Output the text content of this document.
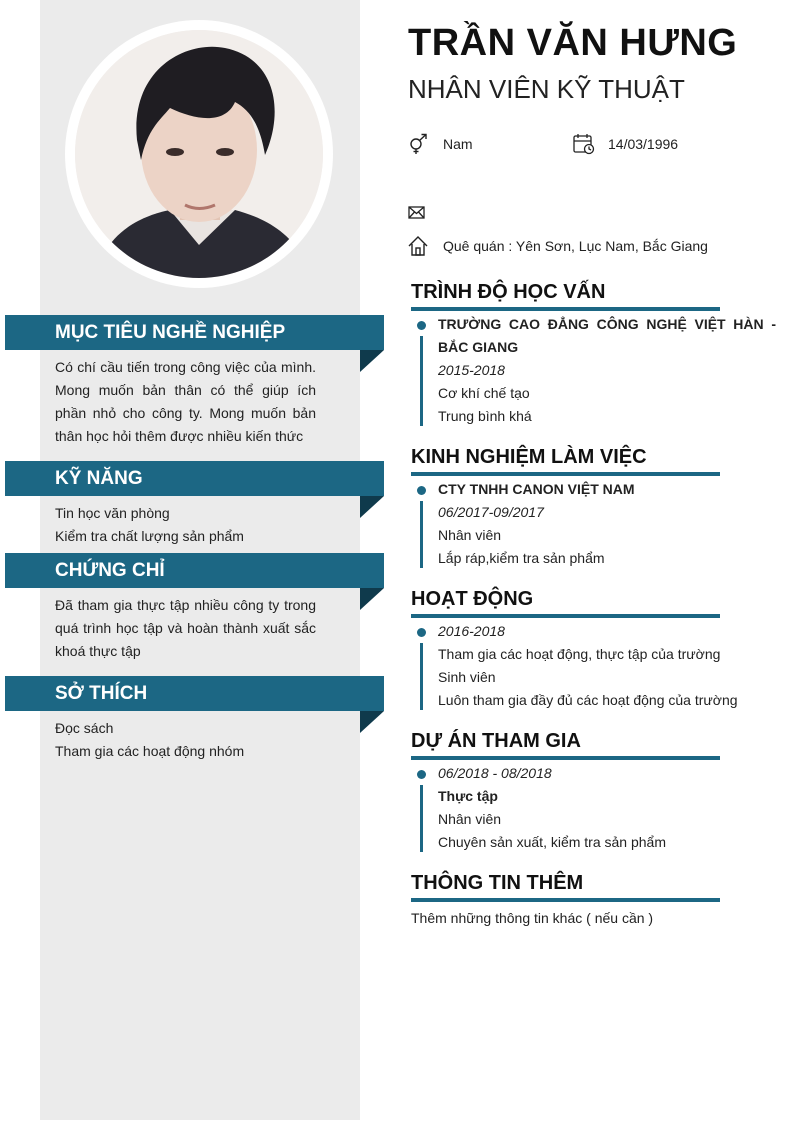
MỤC TIÊU NGHỀ NGHIỆP
Có chí cầu tiến trong công việc của mình. Mong muốn bản thân có thể giúp ích phần nhỏ cho công ty. Mong muốn bản thân học hỏi thêm được nhiều kiến thức
KỸ NĂNG
Tin học văn phòng
Kiểm tra chất lượng sản phẩm
CHỨNG CHỈ
Đã tham gia thực tập nhiều công ty trong quá trình học tập và hoàn thành xuất sắc khoá thực tập
SỞ THÍCH
Đọc sách
Tham gia các hoạt động nhóm
TRẦN VĂN HƯNG
NHÂN VIÊN KỸ THUẬT
Nam	14/03/1996
Quê quán : Yên Sơn, Lục Nam, Bắc Giang
TRÌNH ĐỘ HỌC VẤN
TRƯỜNG CAO ĐẲNG CÔNG NGHỆ VIỆT HÀN - BẮC GIANG
2015-2018
Cơ khí chế tạo
Trung bình khá
KINH NGHIỆM LÀM VIỆC
CTY TNHH CANON VIỆT NAM
06/2017-09/2017
Nhân viên
Lắp ráp,kiểm tra sản phẩm
HOẠT ĐỘNG
2016-2018
Tham gia các hoạt động, thực tập của trường
Sinh viên
Luôn tham gia đầy đủ các hoạt động của trường
DỰ ÁN THAM GIA
06/2018 - 08/2018
Thực tập
Nhân viên
Chuyên sản xuất, kiểm tra sản phẩm
THÔNG TIN THÊM
Thêm những thông tin khác ( nếu cần )
